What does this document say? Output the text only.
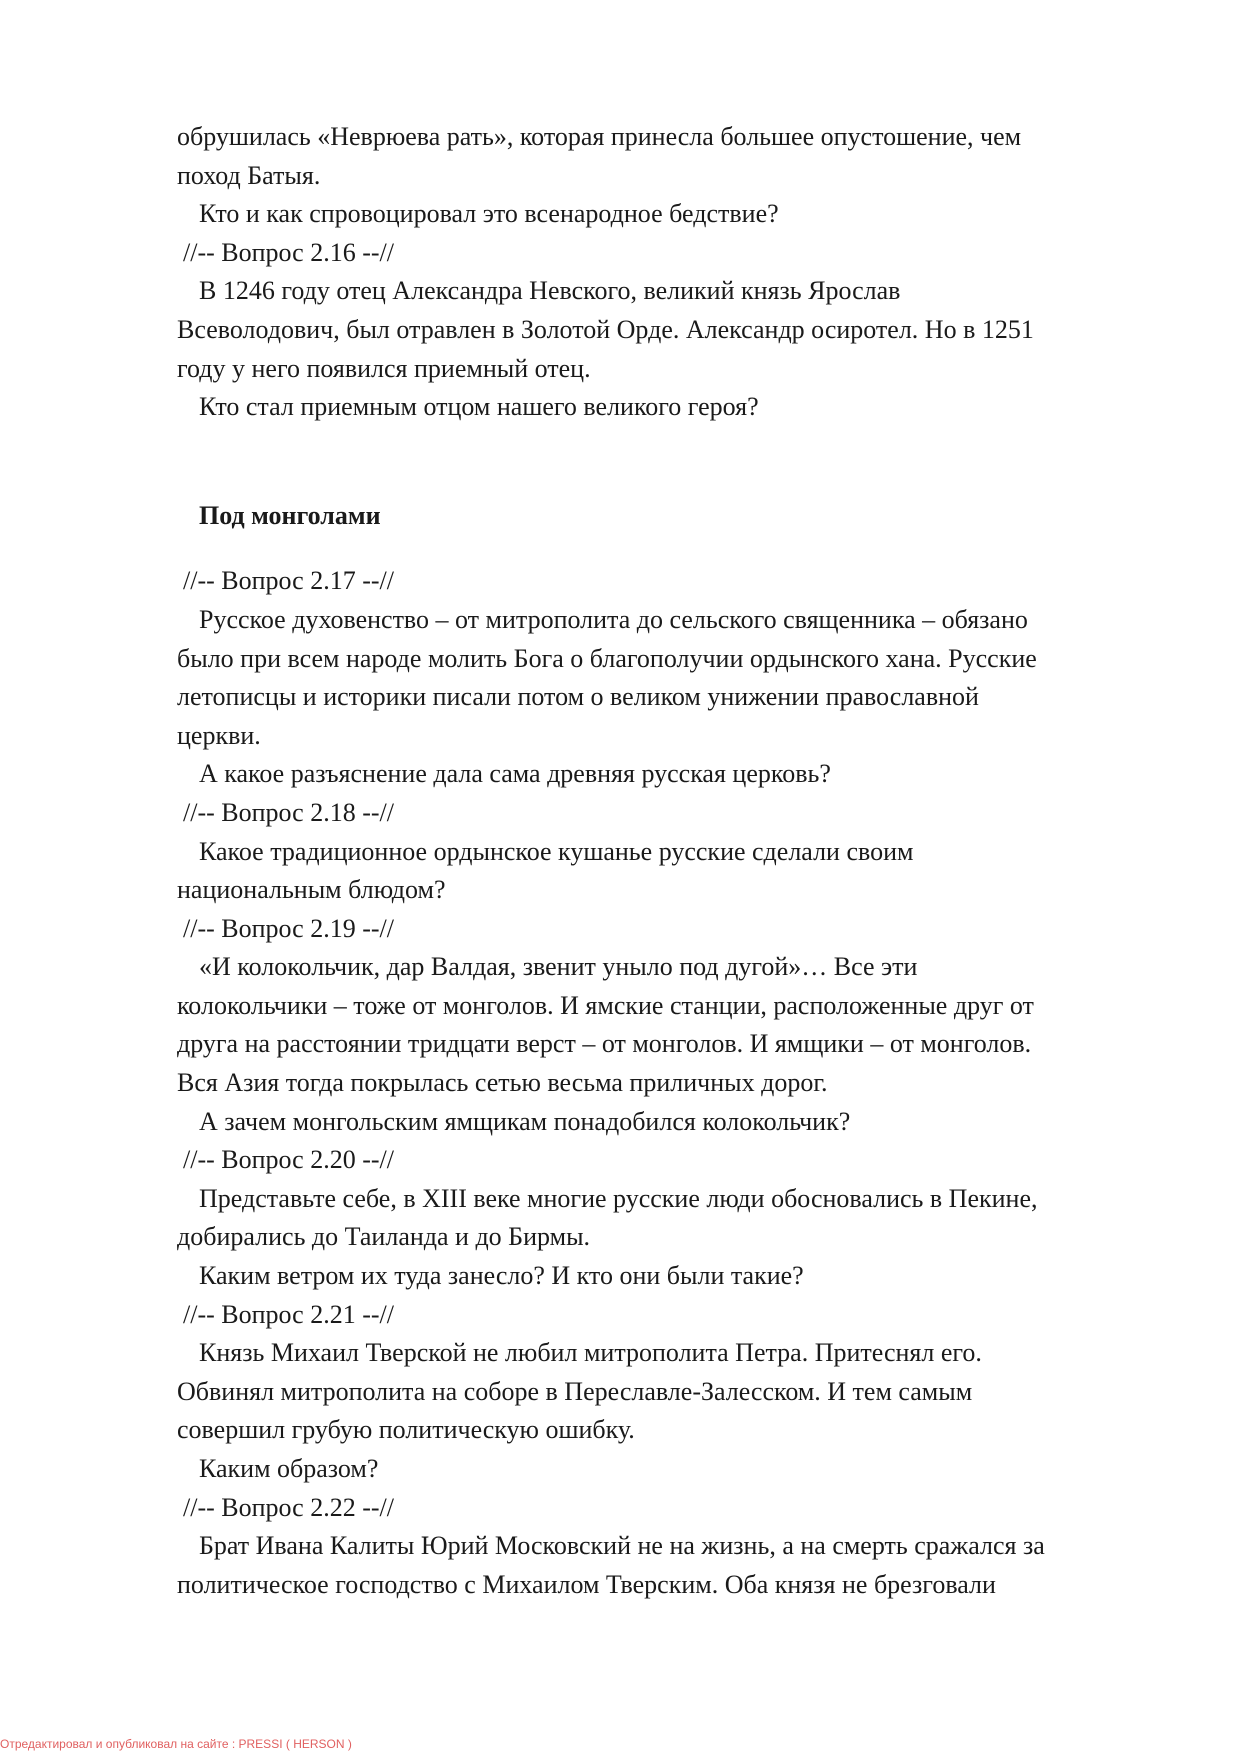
обрушилась «Неврюева рать», которая принесла большее опустошение, чем

поход Батыя.

Кто и как спровоцировал это всенародное бедствие?

//-- Вопрос 2.16 --//

В 1246 году отец Александра Невского, великий князь Ярослав

Всеволодович, был отравлен в Золотой Орде. Александр осиротел. Но в 1251

году у него появился приемный отец.

Кто стал приемным отцом нашего великого героя?

Под монголами

//-- Вопрос 2.17 --//

Русское духовенство – от митрополита до сельского священника – обязано

было при всем народе молить Бога о благополучии ордынского хана. Русские

летописцы и историки писали потом о великом унижении православной

церкви.

А какое разъяснение дала сама древняя русская церковь?

//-- Вопрос 2.18 --//

Какое традиционное ордынское кушанье русские сделали своим

национальным блюдом?

//-- Вопрос 2.19 --//

«И колокольчик, дар Валдая, звенит уныло под дугой»… Все эти

колокольчики – тоже от монголов. И ямские станции, расположенные друг от

друга на расстоянии тридцати верст – от монголов. И ямщики – от монголов.

Вся Азия тогда покрылась сетью весьма приличных дорог.

А зачем монгольским ямщикам понадобился колокольчик?

//-- Вопрос 2.20 --//

Представьте себе, в XIII веке многие русские люди обосновались в Пекине,

добирались до Таиланда и до Бирмы.

Каким ветром их туда занесло? И кто они были такие?

//-- Вопрос 2.21 --//

Князь Михаил Тверской не любил митрополита Петра. Притеснял его.

Обвинял митрополита на соборе в Переславле-Залесском. И тем самым

совершил грубую политическую ошибку.

Каким образом?

//-- Вопрос 2.22 --//

Брат Ивана Калиты Юрий Московский не на жизнь, а на смерть сражался за

политическое господство с Михаилом Тверским. Оба князя не брезговали

Отредактировал и опубликовал на сайте : PRESSI ( HERSON )
